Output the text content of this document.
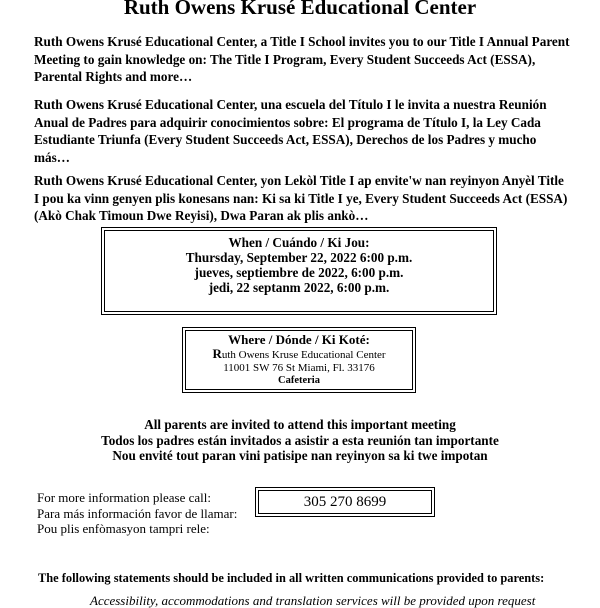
Ruth Owens Krusé Educational Center
Ruth Owens Krusé Educational Center, a Title I School invites you to our Title I Annual Parent Meeting to gain knowledge on: The Title I Program, Every Student Succeeds Act (ESSA), Parental Rights and more…
Ruth Owens Krusé Educational Center, una escuela del Título I le invita a nuestra Reunión Anual de Padres para adquirir conocimientos sobre: El programa de Título I, la Ley Cada Estudiante Triunfa (Every Student Succeeds Act, ESSA), Derechos de los Padres y mucho más…
Ruth Owens Krusé Educational Center, yon Lekòl Title I ap envite'w nan reyinyon Anyèl Title I pou ka vinn genyen plis konesans nan: Ki sa ki Title I ye, Every Student Succeeds Act (ESSA) (Akò Chak Timoun Dwe Reyisi), Dwa Paran ak plis ankò…
When / Cuándo / Ki Jou:
Thursday, September 22, 2022 6:00 p.m.
jueves, septiembre de 2022, 6:00 p.m.
jedi, 22 septanm 2022, 6:00 p.m.
Where / Dónde / Ki Koté:
Ruth Owens Kruse Educational Center
11001 SW 76 St Miami, Fl. 33176
Cafeteria
All parents are invited to attend this important meeting
Todos los padres están invitados a asistir a esta reunión tan importante
Nou envité tout paran vini patisipe nan reyinyon sa ki twe impotan
For more information please call:
Para más información favor de llamar:
Pou plis enfòmasyon tampri rele:
305 270 8699
The following statements should be included in all written communications provided to parents:
Accessibility, accommodations and translation services will be provided upon request
